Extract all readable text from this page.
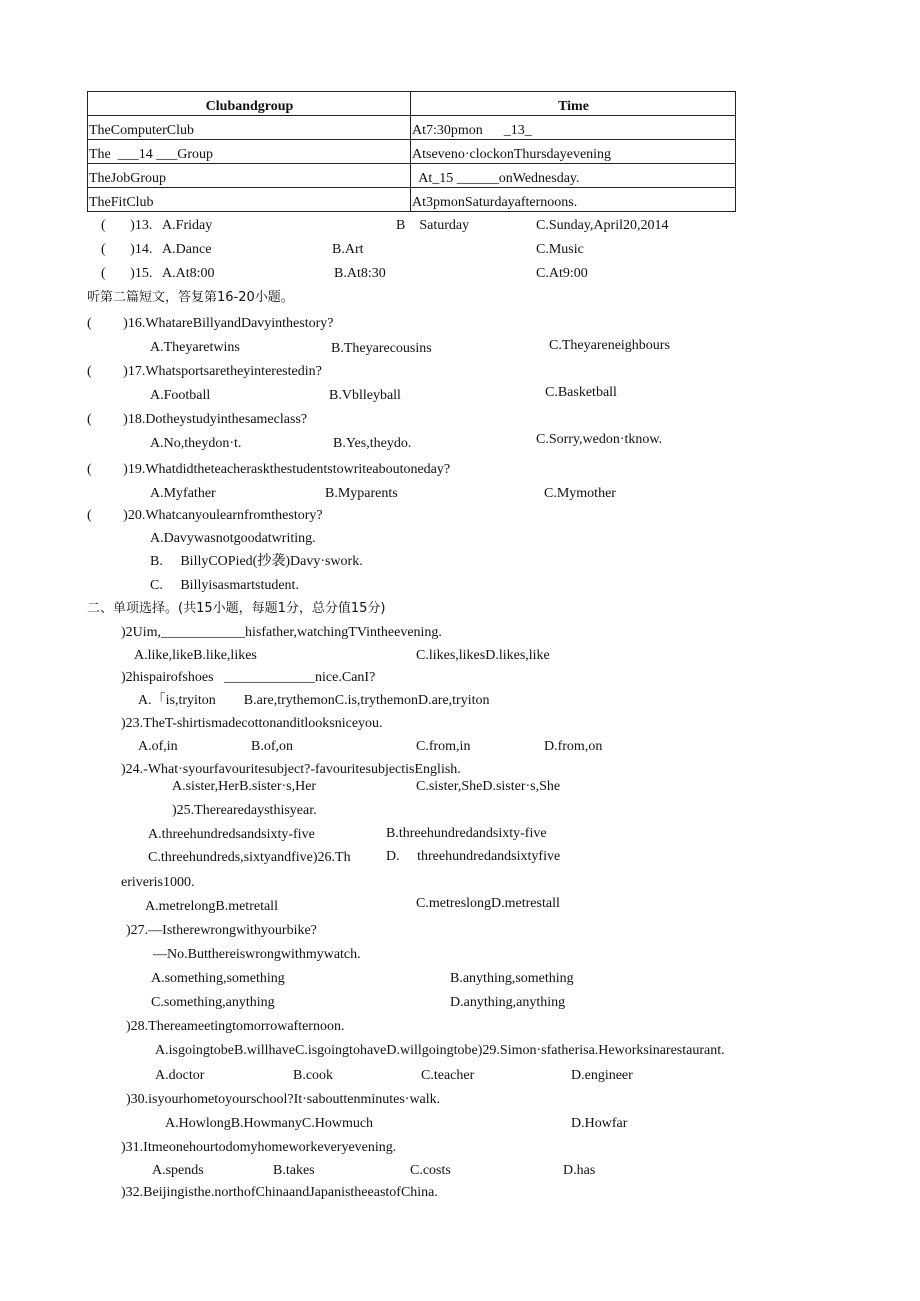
Clubandgroup	Time
TheComputerClub	At7:30pmon      _13_
The  ___14 ___Group	Atseveno·clockonThursdayevening
TheJobGroup	At_15 ______onWednesday.
TheFitClub	At3pmonSaturdayafternoons.
(       )13.   A.Friday	B    Saturday	C.Sunday,April20,2014
(       )14.   A.Dance	B.Art	C.Music
(       )15.   A.At8:00	B.At8:30	C.At9:00
听第二篇短文，答复第16-20小题。
(         )16.WhatareBillyandDavyinthestory?
A.Theyaretwins	B.Theyarecousins	C.Theyareneighbours
(         )17.Whatsportsaretheyinterestedin?
A.Football	B.Vblleyball	C.Basketball
(         )18.Dotheystudyinthesameclass?
A.No,theydon·t.	B.Yes,theydo.	C.Sorry,wedon·tknow.
(         )19.Whatdidtheteacheraskthestudentstowriteaboutoneday?
A.Myfather	B.Myparents	C.Mymother
(         )20.Whatcanyoulearnfromthestory?
A.Davywasnotgoodatwriting.
B.     BillyCOPied(抄袭)Davy·swork.
C.     Billyisasmartstudent.
二、单项选择。(共15小题，每题1分，总分值15分)
)2Uim,____________hisfather,watchingTVintheevening.
A.like,likeB.like,likes	C.likes,likesD.likes,like
)2hispairofshoes   _____________nice.CanI?
A.「is,tryiton        B.are,trythemonC.is,trythemonD.are,tryiton
)23.TheT-shirtismadecottonanditlooksniceyou.
A.of,in	B.of,on	C.from,in	D.from,on
)24.-What·syourfavouritesubject?-favouritesubjectisEnglish.
A.sister,HerB.sister·s,Her	C.sister,SheD.sister·s,She
)25.Therearedaysthisyear.
A.threehundredsandsixty-five	B.threehundredandsixty-five
C.threehundreds,sixtyandfive)26.Th	D.     threehundredandsixtyfive
eriveris1000.
A.metrelongB.metretall	C.metreslongD.metrestall
)27.—Istherewrongwithyourbike?
—No.Butthereiswrongwithmywatch.
A.something,something	B.anything,something
C.something,anything	D.anything,anything
)28.Thereameetingtomorrowafternoon.
A.isgoingtobeB.willhaveC.isgoingtohaveD.willgoingtobe)29.Simon·sfatherisa.Heworksinarestaurant.
A.doctor	B.cook	C.teacher	D.engineer
)30.isyourhometoyourschool?It·saboutten​minutes·walk.
A.HowlongB.HowmanyC.Howmuch	D.Howfar
)31.Itmeonehourtodomyhomeworkeveryevening.
A.spends	B.takes	C.costs	D.has
)32.Beijingisthe.northofChinaandJapanistheeastofChina.
